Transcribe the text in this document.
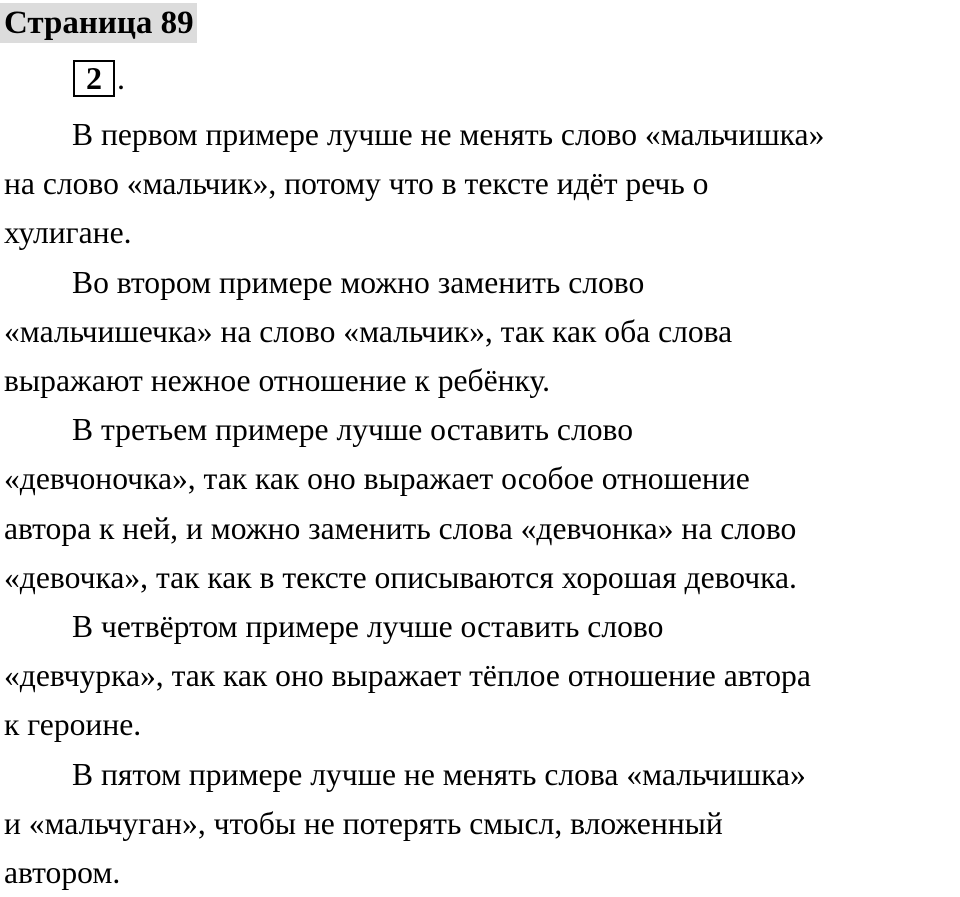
Страница 89
2 .

В первом примере лучше не менять слово «мальчишка»
на слово «мальчик», потому что в тексте идёт речь о
хулигане.

Во втором примере можно заменить слово
«мальчишечка» на слово «мальчик», так как оба слова
выражают нежное отношение к ребёнку.

В третьем примере лучше оставить слово
«девчоночка», так как оно выражает особое отношение
автора к ней, и можно заменить слова «девчонка» на слово
«девочка», так как в тексте описываются хорошая девочка.

В четвёртом примере лучше оставить слово
«девчурка», так как оно выражает тёплое отношение автора
к героине.

В пятом примере лучше не менять слова «мальчишка»
и «мальчуган», чтобы не потерять смысл, вложенный
автором.
